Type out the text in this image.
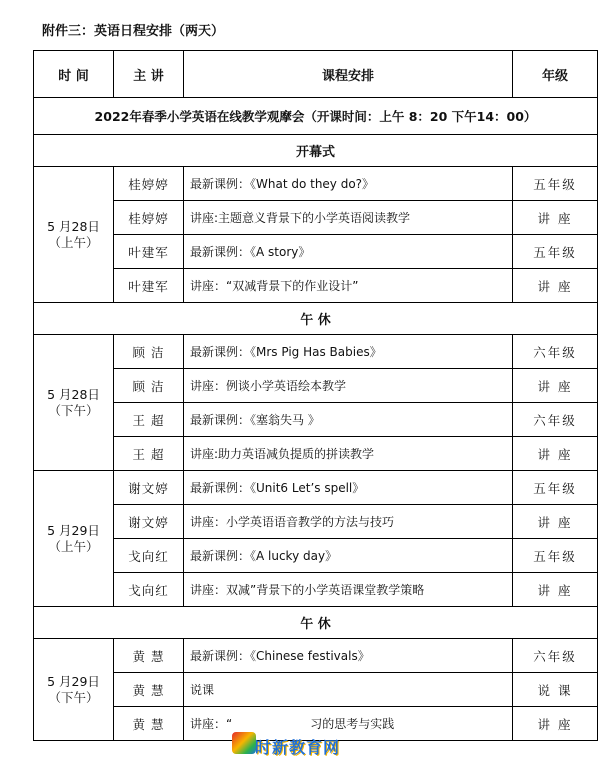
附件三：英语日程安排（两天）
时 间	主 讲	课程安排	年级
2022年春季小学英语在线教学观摩会（开课时间：上午 8：20 下午14：00）			
开幕式			
5 月28日
（上午）	桂婷婷	最新课例：《What do they do?》	五年级
	桂婷婷	讲座:主题意义背景下的小学英语阅读教学	讲 座
	叶建军	最新课例：《A story》	五年级
	叶建军	讲座：“双减背景下的作业设计”	讲 座
午 休			
5 月28日
（下午）	顾 洁	最新课例：《Mrs Pig Has Babies》	六年级
	顾 洁	讲座：例谈小学英语绘本教学	讲 座
	王 超	最新课例：《塞翁失马 》	六年级
	王 超	讲座:助力英语减负提质的拼读教学	讲 座
5 月29日
（上午）	谢文婷	最新课例：《Unit6 Let’s spell》	五年级
	谢文婷	讲座：小学英语语音教学的方法与技巧	讲 座
	戈向红	最新课例：《A lucky day》	五年级
	戈向红	讲座：双减”背景下的小学英语课堂教学策略	讲 座
午 休			
5 月29日
（下午）	黄 慧	最新课例：《Chinese festivals》	六年级
	黄 慧	说课	说 课
	黄 慧	讲座：“ 习的思考与实践	讲 座
时新教育网
